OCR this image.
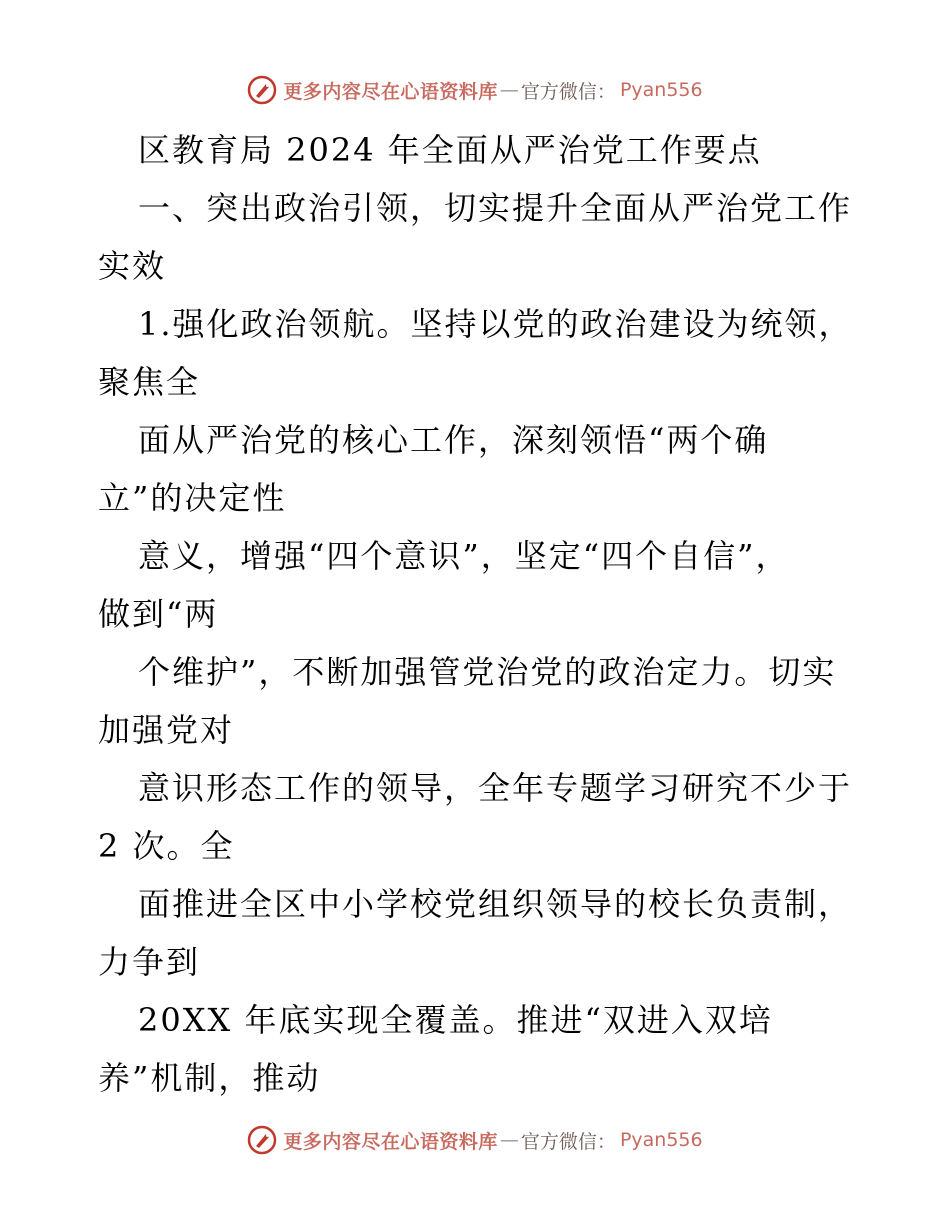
更多内容尽在心语资料库 — 官方微信： Pyan556
区教育局 2024 年全面从严治党工作要点
一、突出政治引领，切实提升全面从严治党工作
实效
1.强化政治领航。坚持以党的政治建设为统领，
聚焦全
面从严治党的核心工作，深刻领悟“两个确
立”的决定性
意义，增强“四个意识”，坚定“四个自信”，
做到“两
个维护”，不断加强管党治党的政治定力。切实
加强党对
意识形态工作的领导，全年专题学习研究不少于
2 次。全
面推进全区中小学校党组织领导的校长负责制，
力争到
20XX 年底实现全覆盖。推进“双进入双培
养”机制，推动
更多内容尽在心语资料库 — 官方微信： Pyan556
